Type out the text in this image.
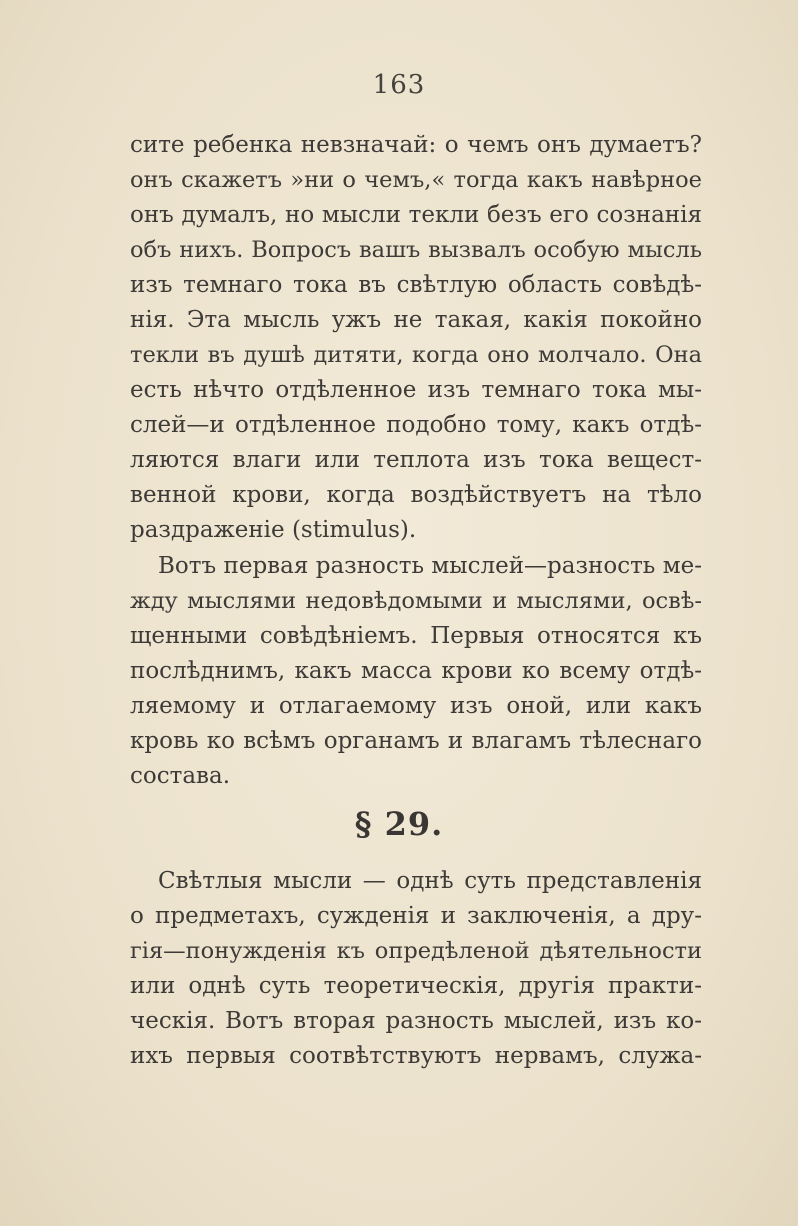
163
сите ребенка невзначай: о чемъ онъ думаетъ?
онъ скажетъ »ни о чемъ,« тогда какъ навѣрное
онъ думалъ, но мысли текли безъ его сознанія
объ нихъ. Вопросъ вашъ вызвалъ особую мысль
изъ темнаго тока въ свѣтлую область совѣдѣ-
нія. Эта мысль ужъ не такая, какія покойно
текли въ душѣ дитяти, когда оно молчало. Она
есть нѣчто отдѣленное изъ темнаго тока мы-
слей—и отдѣленное подобно тому, какъ отдѣ-
ляются влаги или теплота изъ тока вещест-
венной крови, когда воздѣйствуетъ на тѣло
раздраженіе (stimulus).
Вотъ первая разность мыслей—разность ме-
жду мыслями недовѣдомыми и мыслями, освѣ-
щенными совѣдѣніемъ. Первыя относятся къ
послѣднимъ, какъ масса крови ко всему отдѣ-
ляемому и отлагаемому изъ оной, или какъ
кровь ко всѣмъ органамъ и влагамъ тѣлеснаго
состава.
§ 29.
Свѣтлыя мысли — однѣ суть представленія
о предметахъ, сужденія и заключенія, а дру-
гія—понужденія къ опредѣленой дѣятельности
или однѣ суть теоретическія, другія практи-
ческія. Вотъ вторая разность мыслей, изъ ко-
ихъ первыя соотвѣтствуютъ нервамъ, служа-
